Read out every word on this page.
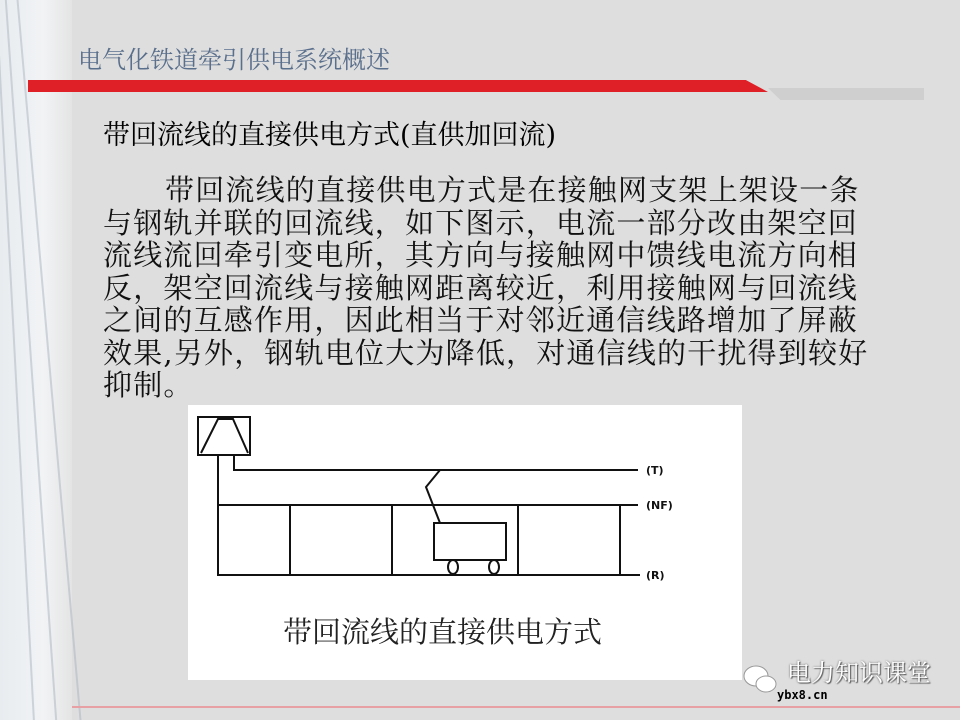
电气化铁道牵引供电系统概述
带回流线的直接供电方式(直供加回流)
带回流线的直接供电方式是在接触网支架上架设一条
与钢轨并联的回流线，如下图示，电流一部分改由架空回
流线流回牵引变电所，其方向与接触网中馈线电流方向相
反，架空回流线与接触网距离较近，利用接触网与回流线
之间的互感作用，因此相当于对邻近通信线路增加了屏蔽
效果,另外，钢轨电位大为降低，对通信线的干扰得到较好
抑制。
(T)
(NF)
(R)
带回流线的直接供电方式
电力知识课堂
ybx8.cn
